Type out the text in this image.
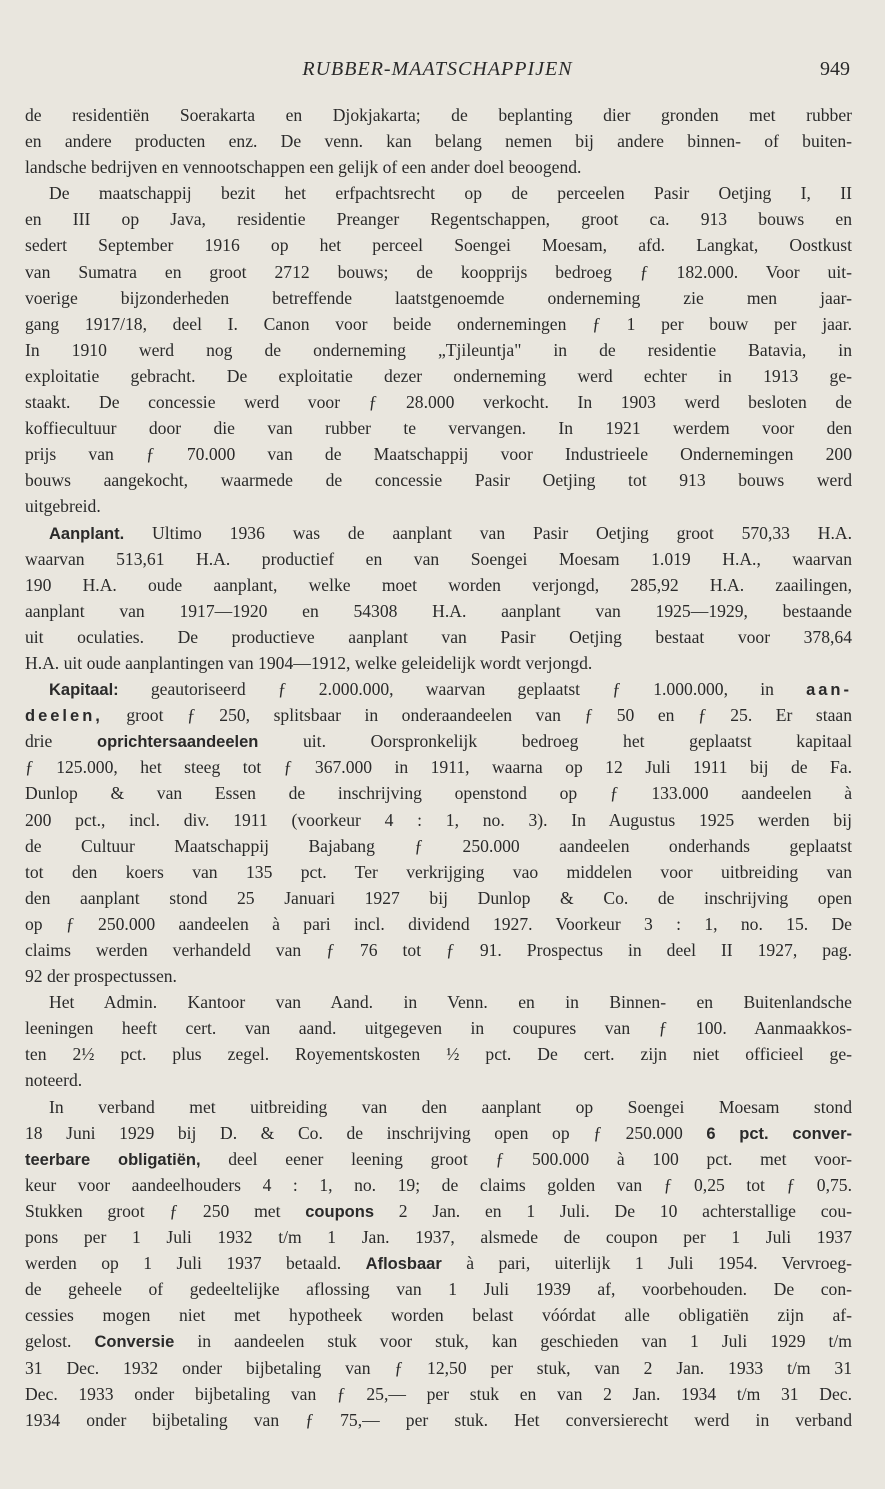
RUBBER-MAATSCHAPPIJEN	949
de residentiën Soerakarta en Djokjakarta; de beplanting dier gronden met rubber
en andere producten enz. De venn. kan belang nemen bij andere binnen- of buiten-
landsche bedrijven en vennootschappen een gelijk of een ander doel beoogend.
De maatschappij bezit het erfpachtsrecht op de perceelen Pasir Oetjing I, II
en III op Java, residentie Preanger Regentschappen, groot ca. 913 bouws en
sedert September 1916 op het perceel Soengei Moesam, afd. Langkat, Oostkust
van Sumatra en groot 2712 bouws; de koopprijs bedroeg ƒ 182.000. Voor uit-
voerige bijzonderheden betreffende laatstgenoemde onderneming zie men jaar-
gang 1917/18, deel I. Canon voor beide ondernemingen ƒ 1 per bouw per jaar.
In 1910 werd nog de onderneming „Tjileuntja" in de residentie Batavia, in
exploitatie gebracht. De exploitatie dezer onderneming werd echter in 1913 ge-
staakt. De concessie werd voor ƒ 28.000 verkocht. In 1903 werd besloten de
koffiecultuur door die van rubber te vervangen. In 1921 werdem voor den
prijs van ƒ 70.000 van de Maatschappij voor Industrieele Ondernemingen 200
bouws aangekocht, waarmede de concessie Pasir Oetjing tot 913 bouws werd
uitgebreid.
Aanplant. Ultimo 1936 was de aanplant van Pasir Oetjing groot 570,33 H.A.
waarvan 513,61 H.A. productief en van Soengei Moesam 1.019 H.A., waarvan
190 H.A. oude aanplant, welke moet worden verjongd, 285,92 H.A. zaailingen,
aanplant van 1917—1920 en 54308 H.A. aanplant van 1925—1929, bestaande
uit oculaties. De productieve aanplant van Pasir Oetjing bestaat voor 378,64
H.A. uit oude aanplantingen van 1904—1912, welke geleidelijk wordt verjongd.
Kapitaal: geautoriseerd ƒ 2.000.000, waarvan geplaatst ƒ 1.000.000, in aan-
deelen, groot ƒ 250, splitsbaar in onderaandeelen van ƒ 50 en ƒ 25. Er staan
drie oprichtersaandeelen uit. Oorspronkelijk bedroeg het geplaatst kapitaal
ƒ 125.000, het steeg tot ƒ 367.000 in 1911, waarna op 12 Juli 1911 bij de Fa.
Dunlop & van Essen de inschrijving openstond op ƒ 133.000 aandeelen à
200 pct., incl. div. 1911 (voorkeur 4 : 1, no. 3). In Augustus 1925 werden bij
de Cultuur Maatschappij Bajabang ƒ 250.000 aandeelen onderhands geplaatst
tot den koers van 135 pct. Ter verkrijging vao middelen voor uitbreiding van
den aanplant stond 25 Januari 1927 bij Dunlop & Co. de inschrijving open
op ƒ 250.000 aandeelen à pari incl. dividend 1927. Voorkeur 3 : 1, no. 15. De
claims werden verhandeld van ƒ 76 tot ƒ 91. Prospectus in deel II 1927, pag.
92 der prospectussen.
Het Admin. Kantoor van Aand. in Venn. en in Binnen- en Buitenlandsche
leeningen heeft cert. van aand. uitgegeven in coupures van ƒ 100. Aanmaakkos-
ten 2½ pct. plus zegel. Royementskosten ½ pct. De cert. zijn niet officieel ge-
noteerd.
In verband met uitbreiding van den aanplant op Soengei Moesam stond
18 Juni 1929 bij D. & Co. de inschrijving open op ƒ 250.000 6 pct. conver-
teerbare obligatiën, deel eener leening groot ƒ 500.000 à 100 pct. met voor-
keur voor aandeelhouders 4 : 1, no. 19; de claims golden van ƒ 0,25 tot ƒ 0,75.
Stukken groot ƒ 250 met coupons 2 Jan. en 1 Juli. De 10 achterstallige cou-
pons per 1 Juli 1932 t/m 1 Jan. 1937, alsmede de coupon per 1 Juli 1937
werden op 1 Juli 1937 betaald. Aflosbaar à pari, uiterlijk 1 Juli 1954. Vervroeg-
de geheele of gedeeltelijke aflossing van 1 Juli 1939 af, voorbehouden. De con-
cessies mogen niet met hypotheek worden belast vóórdat alle obligatiën zijn af-
gelost. Conversie in aandeelen stuk voor stuk, kan geschieden van 1 Juli 1929 t/m
31 Dec. 1932 onder bijbetaling van ƒ 12,50 per stuk, van 2 Jan. 1933 t/m 31
Dec. 1933 onder bijbetaling van ƒ 25,— per stuk en van 2 Jan. 1934 t/m 31 Dec.
1934 onder bijbetaling van ƒ 75,— per stuk. Het conversierecht werd in verband
